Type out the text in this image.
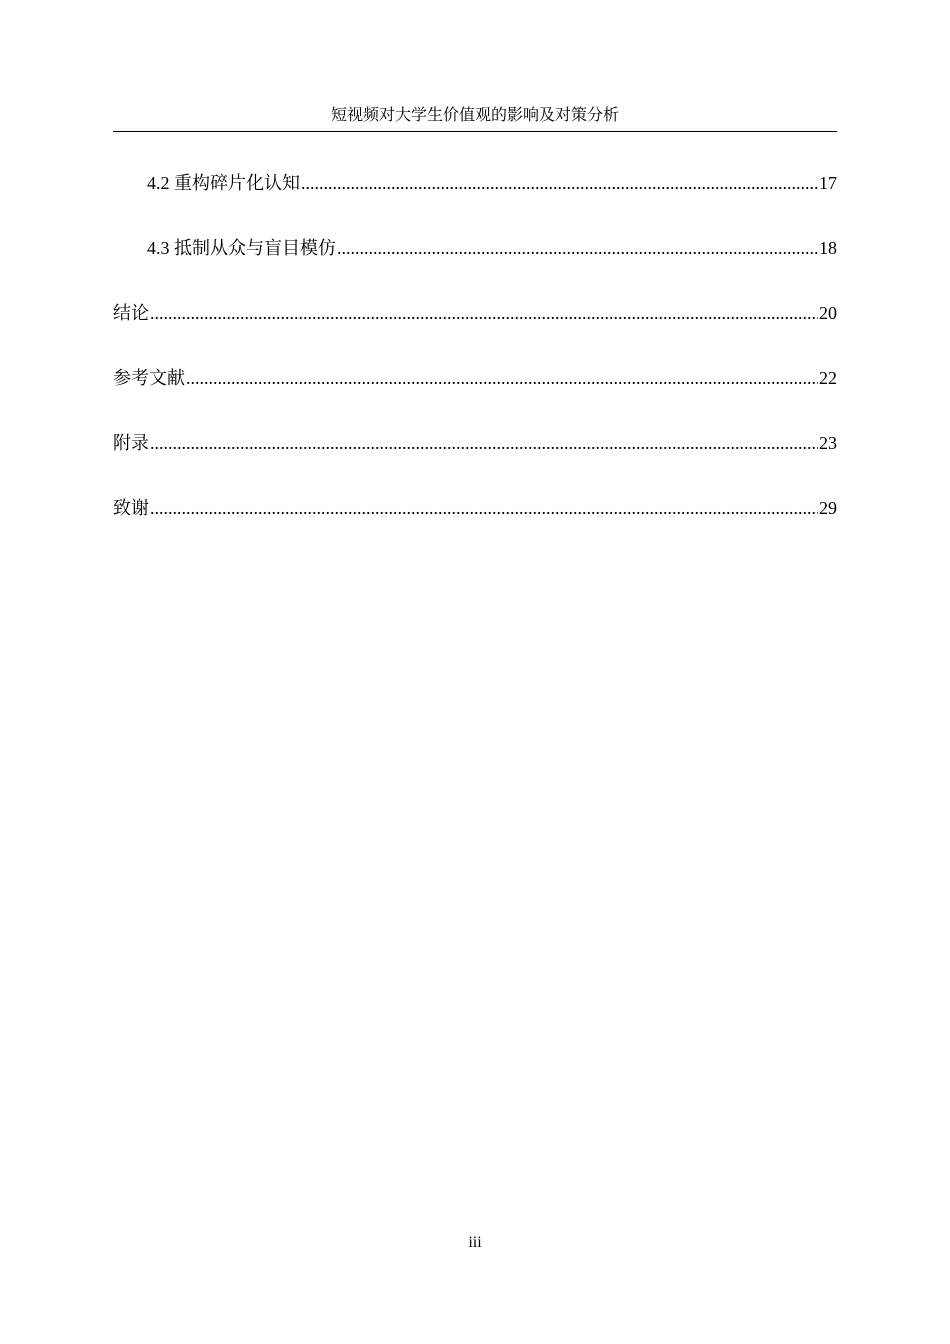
短视频对大学生价值观的影响及对策分析
4.2 重构碎片化认知 .....	17
4.3 抵制从众与盲目模仿 .....	18
结论 .....	20
参考文献 .....	22
附录 .....	23
致谢 .....	29
iii
